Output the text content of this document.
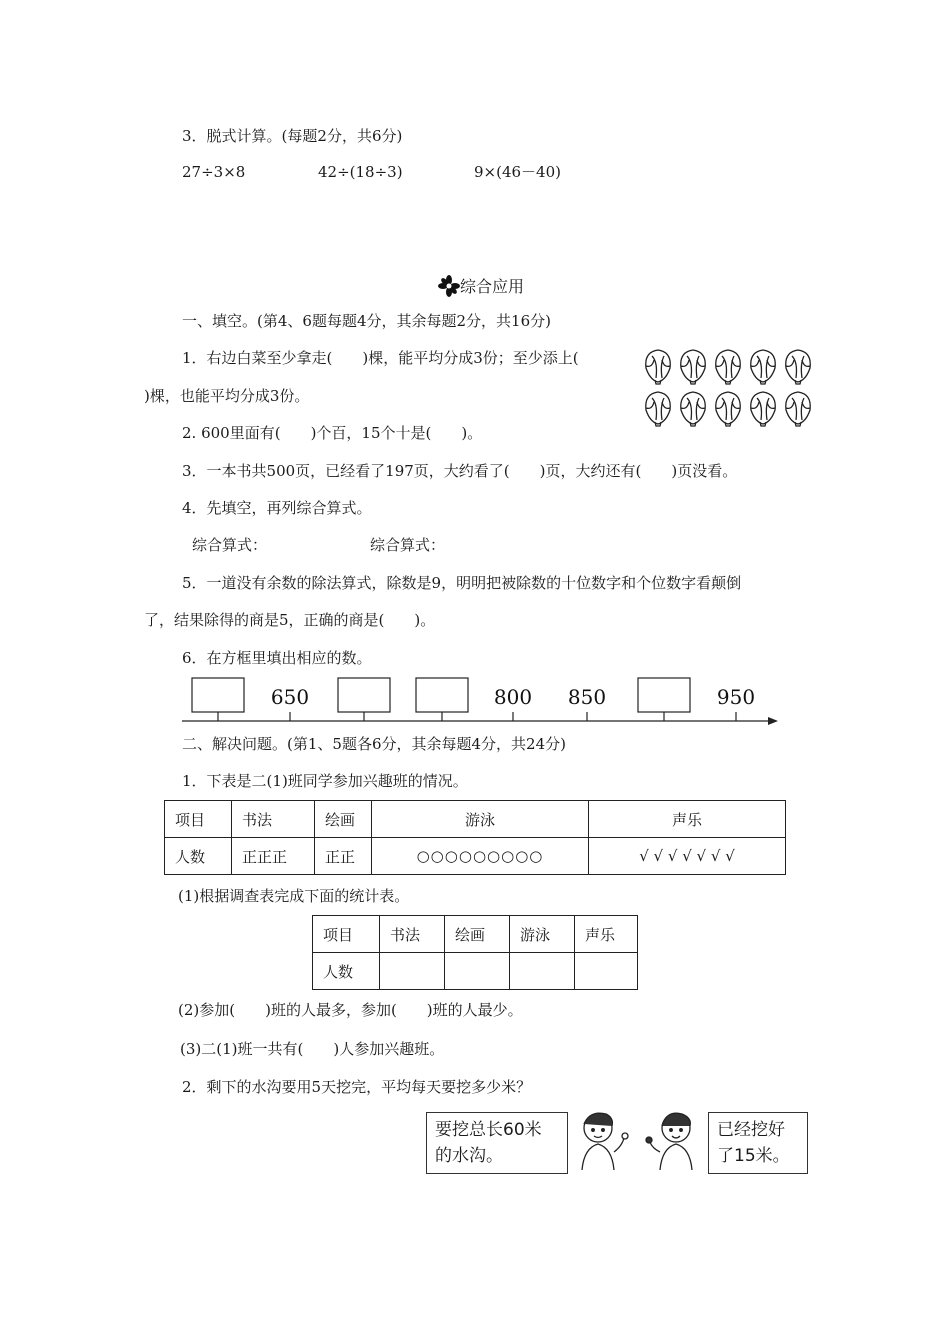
3．脱式计算。(每题2分，共6分)
27÷3×8	42÷(18÷3)	9×(46－40)
综合应用
一、填空。(第4、6题每题4分，其余每题2分，共16分)
1．右边白菜至少拿走(　　)棵，能平均分成3份；至少添上(
)棵，也能平均分成3份。
2. 600里面有(　　)个百，15个十是(　　)。
3．一本书共500页，已经看了197页，大约看了(　　)页，大约还有(　　)页没看。
4．先填空，再列综合算式。
综合算式：	综合算式：
5．一道没有余数的除法算式，除数是9，明明把被除数的十位数字和个位数字看颠倒
了，结果除得的商是5，正确的商是(　　)。
6．在方框里填出相应的数。
650	800 850	950
二、解决问题。(第1、5题各6分，其余每题4分，共24分)
1．下表是二(1)班同学参加兴趣班的情况。
项目	书法	绘画	游泳	声乐
人数	正正正	正正	○○○○○○○○○	√ √ √ √ √ √ √
(1)根据调查表完成下面的统计表。
项目	书法	绘画	游泳	声乐
人数				
(2)参加(　　)班的人最多，参加(　　)班的人最少。
(3)二(1)班一共有(　　)人参加兴趣班。
2．剩下的水沟要用5天挖完，平均每天要挖多少米？
要挖总长60米
的水沟。
已经挖好
了15米。
